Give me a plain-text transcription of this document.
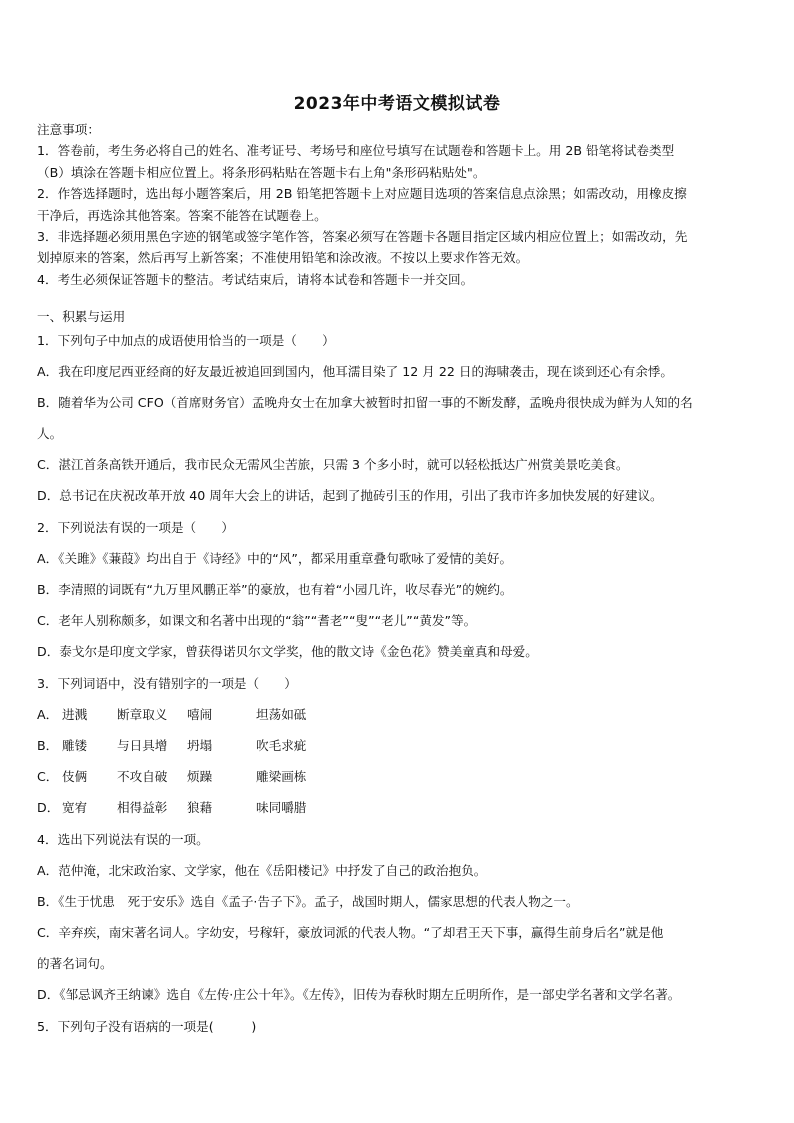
2023年中考语文模拟试卷

注意事项：

1．答卷前，考生务必将自己的姓名、准考证号、考场号和座位号填写在试题卷和答题卡上。用 2B 铅笔将试卷类型

（B）填涂在答题卡相应位置上。将条形码粘贴在答题卡右上角"条形码粘贴处"。

2．作答选择题时，选出每小题答案后，用 2B 铅笔把答题卡上对应题目选项的答案信息点涂黑；如需改动，用橡皮擦

干净后，再选涂其他答案。答案不能答在试题卷上。

3．非选择题必须用黑色字迹的钢笔或签字笔作答，答案必须写在答题卡各题目指定区域内相应位置上；如需改动，先

划掉原来的答案，然后再写上新答案；不准使用铅笔和涂改液。不按以上要求作答无效。

4．考生必须保证答题卡的整洁。考试结束后，请将本试卷和答题卡一并交回。

一、积累与运用

1．下列句子中加点的成语使用恰当的一项是（　　）

A．我在印度尼西亚经商的好友最近被追回到国内，他耳濡目染了 12 月 22 日的海啸袭击，现在谈到还心有余悸。

B．随着华为公司 CFO（首席财务官）孟晚舟女士在加拿大被暂时扣留一事的不断发酵，孟晚舟很快成为鲜为人知的名

人。

C．湛江首条高铁开通后，我市民众无需风尘苦旅，只需 3 个多小时，就可以轻松抵达广州赏美景吃美食。

D．总书记在庆祝改革开放 40 周年大会上的讲话，起到了抛砖引玉的作用，引出了我市许多加快发展的好建议。

2．下列说法有误的一项是（　　）

A．《关雎》《蒹葭》均出自于《诗经》中的“风”，都采用重章叠句歌咏了爱情的美好。

B．李清照的词既有“九万里风鹏正举”的豪放，也有着“小园几许，收尽春光”的婉约。

C．老年人别称颇多，如课文和名著中出现的“翁”“耆老”“叟”“老儿”“黄发”等。

D．泰戈尔是印度文学家，曾获得诺贝尔文学奖，他的散文诗《金色花》赞美童真和母爱。

3．下列词语中，没有错别字的一项是（　　）

A． 进溅	断章取义	嘻闹	坦荡如砥
B． 雕镂	与日具增	坍塌	吹毛求疵
C． 伎俩	不攻自破	烦躁	雕梁画栋
D． 宽宥	相得益彰	狼藉	味同嚼腊

4．选出下列说法有误的一项。

A．范仲淹，北宋政治家、文学家，他在《岳阳楼记》中抒发了自己的政治抱负。

B．《生于忧患　死于安乐》选自《孟子·告子下》。孟子，战国时期人，儒家思想的代表人物之一。

C．辛弃疾，南宋著名词人。字幼安，号稼轩，豪放词派的代表人物。“了却君王天下事，赢得生前身后名”就是他

的著名词句。

D．《邹忌讽齐王纳谏》选自《左传·庄公十年》。《左传》，旧传为春秋时期左丘明所作，是一部史学名著和文学名著。

5．下列句子没有语病的一项是(　　　)
